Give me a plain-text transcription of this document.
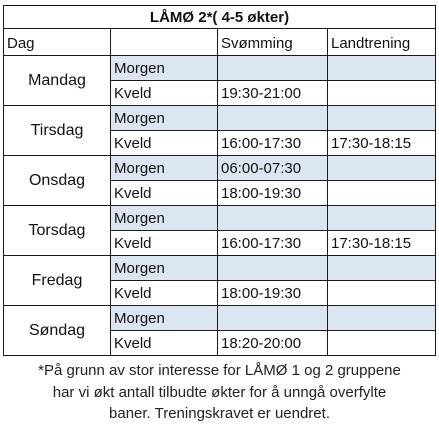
LÅMØ 2*( 4-5 økter)			
Dag		Svømming	Landtrening
Mandag	Morgen		
	Kveld	19:30-21:00	
Tirsdag	Morgen		
	Kveld	16:00-17:30	17:30-18:15
Onsdag	Morgen	06:00-07:30	
	Kveld	18:00-19:30	
Torsdag	Morgen		
	Kveld	16:00-17:30	17:30-18:15
Fredag	Morgen		
	Kveld	18:00-19:30	
Søndag	Morgen		
	Kveld	18:20-20:00	
*På grunn av stor interesse for LÅMØ 1 og 2 gruppene
har vi økt antall tilbudte økter for å unngå overfylte
baner. Treningskravet er uendret.
